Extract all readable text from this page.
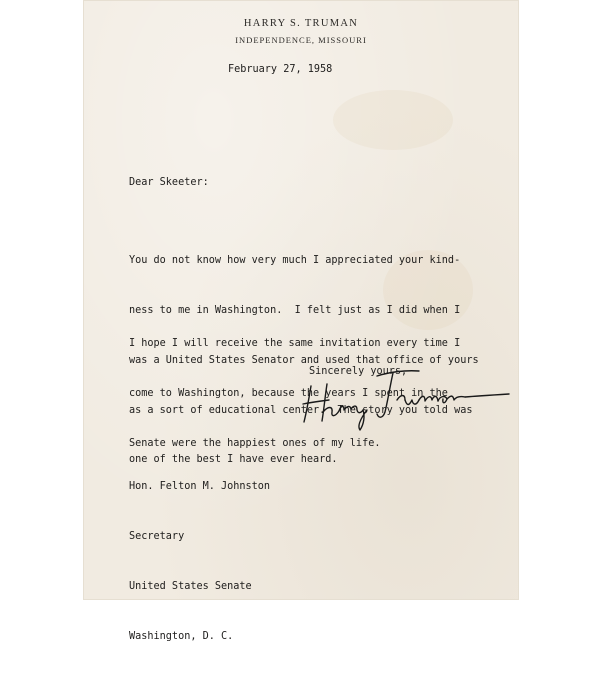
HARRY S. TRUMAN
INDEPENDENCE, MISSOURI
February 27, 1958
Dear Skeeter:

You do not know how very much I appreciated your kind-

ness to me in Washington.  I felt just as I did when I

was a United States Senator and used that office of yours

as a sort of educational center.  The story you told was

one of the best I have ever heard.

I hope I will receive the same invitation every time I

come to Washington, because the years I spent in the

Senate were the happiest ones of my life.

Sincerely yours,

Hon. Felton M. Johnston

Secretary

United States Senate

Washington, D. C.
